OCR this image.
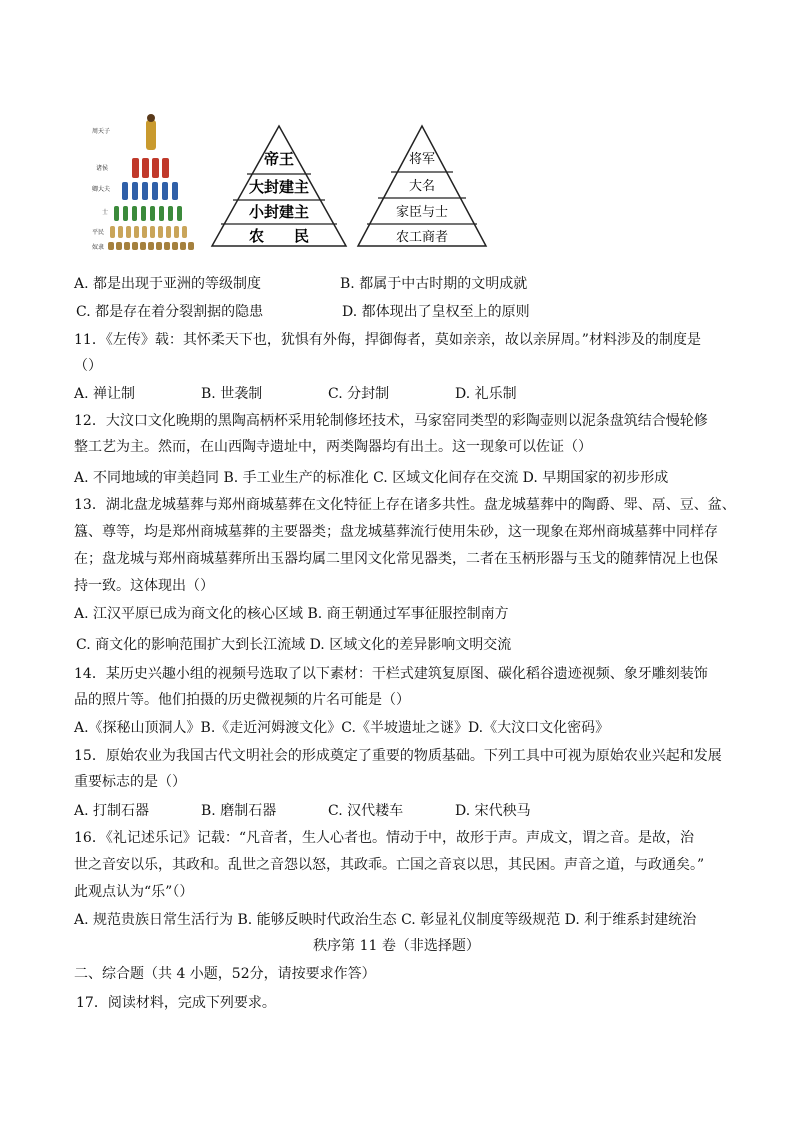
周天子
诸侯
卿大夫
士
平民
奴隶
帝王
大封建主
小封建主
农　　民
将军
大名
家臣与士
农工商者
A. 都是出现于亚洲的等级制度	B. 都属于中古时期的文明成就
C. 都是存在着分裂割据的隐患	D. 都体现出了皇权至上的原则
11．《左传》载：其怀柔天下也，犹惧有外侮，捍御侮者，莫如亲亲，故以亲屏周。”材料涉及的制度是
（）
A. 禅让制	B. 世袭制	C. 分封制	D. 礼乐制
12．大汶口文化晚期的黑陶高柄杯采用轮制修坯技术，马家窑同类型的彩陶壶则以泥条盘筑结合慢轮修
整工艺为主。然而，在山西陶寺遗址中，两类陶器均有出土。这一现象可以佐证（）
A. 不同地域的审美趋同 B. 手工业生产的标准化 C. 区域文化间存在交流 D. 早期国家的初步形成
13．湖北盘龙城墓葬与郑州商城墓葬在文化特征上存在诸多共性。盘龙城墓葬中的陶爵、斝、鬲、豆、盆、
簋、尊等，均是郑州商城墓葬的主要器类；盘龙城墓葬流行使用朱砂，这一现象在郑州商城墓葬中同样存
在；盘龙城与郑州商城墓葬所出玉器均属二里冈文化常见器类，二者在玉柄形器与玉戈的随葬情况上也保
持一致。这体现出（）
A. 江汉平原已成为商文化的核心区域 B. 商王朝通过军事征服控制南方
C. 商文化的影响范围扩大到长江流域 D. 区域文化的差异影响文明交流
14．某历史兴趣小组的视频号选取了以下素材：干栏式建筑复原图、碳化稻谷遗迹视频、象牙雕刻装饰
品的照片等。他们拍摄的历史微视频的片名可能是（）
A.《探秘山顶洞人》B.《走近河姆渡文化》C.《半坡遗址之谜》D.《大汶口文化密码》
15．原始农业为我国古代文明社会的形成奠定了重要的物质基础。下列工具中可视为原始农业兴起和发展
重要标志的是（）
A. 打制石器	B. 磨制石器	C. 汉代耧车	D. 宋代秧马
16．《礼记述乐记》记载：“凡音者，生人心者也。情动于中，故形于声。声成文，谓之音。是故，治
世之音安以乐，其政和。乱世之音怨以怒，其政乖。亡国之音哀以思，其民困。声音之道，与政通矣。”
此观点认为“乐”（）
A. 规范贵族日常生活行为 B. 能够反映时代政治生态 C. 彰显礼仪制度等级规范 D. 利于维系封建统治
秩序第 11 卷（非选择题）
二、综合题（共 4 小题，52分，请按要求作答）
17．阅读材料，完成下列要求。
